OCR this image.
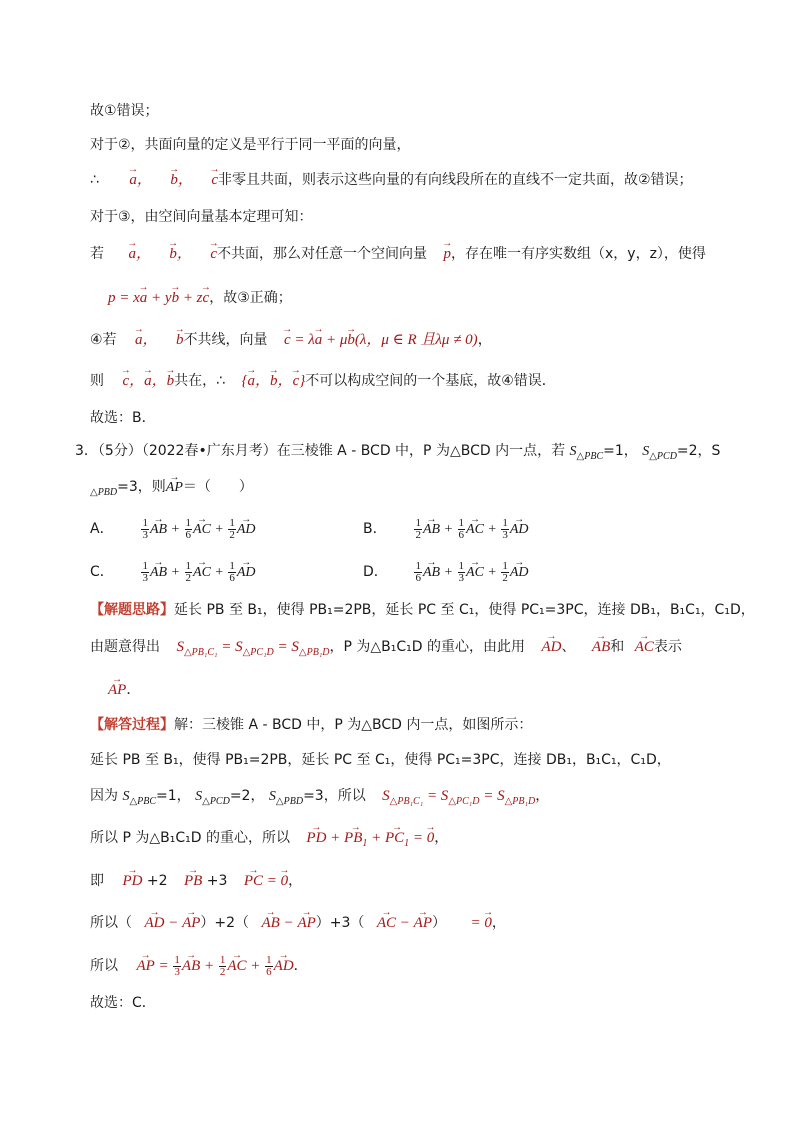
故①错误；
对于②，共面向量的定义是平行于同一平面的向量，
∴ → a， → b， → c非零且共面，则表示这些向量的有向线段所在的直线不一定共面，故②错误；
对于③，由空间向量基本定理可知：
若 → a， → b， → c不共面，那么对任意一个空间向量 → p，存在唯一有序实数组（x，y，z），使得
p = x→ a + y→ b + z→ c，故③正确；
④若 → a， → b不共线，向量 → c = λ→ a + μ→ b(λ，μ ∈ R 且λμ ≠ 0)，
则 → c，→ a，→ b共在，∴ {→ a，→ b，→ c}不可以构成空间的一个基底，故④错误．
故选：B．
3．（5分）（2022春•广东月考）在三棱锥 A - BCD 中，P 为△BCD 内一点，若 $S_{\triangle PBC}=1$， $S_{\triangle PCD}=2$，S
$_{\triangle PBD}$=3，则→ AP＝（　　）
A．	$\frac{1}{3}$ → AB + $\frac{1}{6}$ → AC + $\frac{1}{2}$ → AD	B．	$\frac{1}{2}$ → AB + $\frac{1}{6}$ → AC + $\frac{1}{3}$ → AD
C．	$\frac{1}{3}$ → AB + $\frac{1}{2}$ → AC + $\frac{1}{6}$ → AD	D． $\frac{1}{6}$ → AB + $\frac{1}{3}$ → AC + $\frac{1}{2}$ → AD
【解题思路】延长 PB 至 B₁，使得 PB₁=2PB，延长 PC 至 C₁，使得 PC₁=3PC，连接 DB₁，B₁C₁，C₁D，
由题意得出 $S_{\triangle PB_1C_1} = S_{\triangle PC_1D} = S_{\triangle PB_1D}$，P 为△B₁C₁D 的重心，由此用 → AD、 → AB和 → AC表示
→ AP．
【解答过程】解：三棱锥 A - BCD 中，P 为△BCD 内一点，如图所示：
延长 PB 至 B₁，使得 PB₁=2PB，延长 PC 至 C₁，使得 PC₁=3PC，连接 DB₁，B₁C₁，C₁D，
因为 $S_{\triangle PBC}=1$， $S_{\triangle PCD}=2$， $S_{\triangle PBD}=3$，所以 $S_{\triangle PB_1C_1} = S_{\triangle PC_1D} = S_{\triangle PB_1D}$，
所以 P 为△B₁C₁D 的重心，所以 → PD + → $PB_1$ + → $PC_1$ = → 0，
即 → PD +2 → PB +3 → PC = → 0，
所以（ → AD − → AP）+2（ → AB − → AP）+3（ → AC − → AP） = → 0，
所以 → AP = $\frac{1}{3}$ → AB + $\frac{1}{2}$ → AC + $\frac{1}{6}$ → AD．
故选：C．
